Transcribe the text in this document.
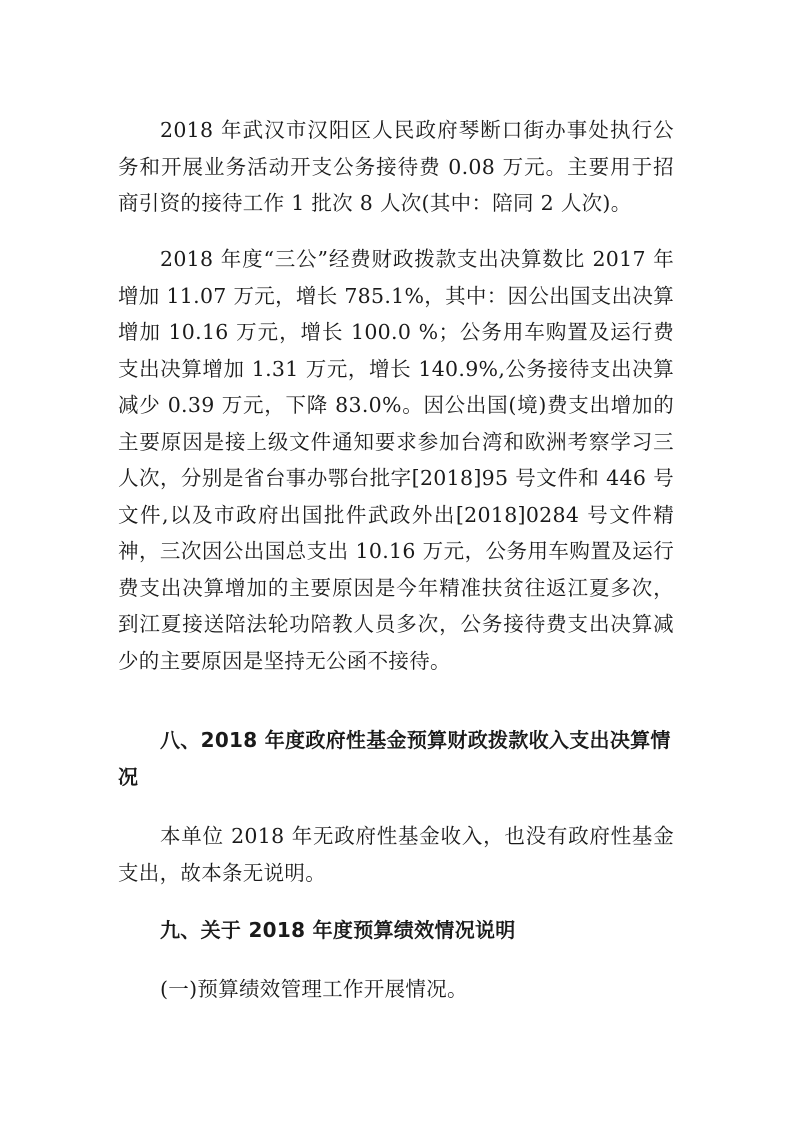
2018 年武汉市汉阳区人民政府琴断口街办事处执行公务和开展业务活动开支公务接待费 0.08 万元。主要用于招商引资的接待工作 1 批次 8 人次(其中：陪同 2 人次)。

2018 年度“三公”经费财政拨款支出决算数比 2017 年增加 11.07 万元，增长 785.1%，其中：因公出国支出决算增加 10.16 万元，增长 100.0 %；公务用车购置及运行费支出决算增加 1.31 万元，增长 140.9%,公务接待支出决算减少 0.39 万元，下降 83.0%。因公出国(境)费支出增加的主要原因是接上级文件通知要求参加台湾和欧洲考察学习三人次，分别是省台事办鄂台批字[2018]95 号文件和 446 号文件,以及市政府出国批件武政外出[2018]0284 号文件精神，三次因公出国总支出 10.16 万元，公务用车购置及运行费支出决算增加的主要原因是今年精准扶贫往返江夏多次，到江夏接送陪法轮功陪教人员多次，公务接待费支出决算减少的主要原因是坚持无公函不接待。

八、2018 年度政府性基金预算财政拨款收入支出决算情况

本单位 2018 年无政府性基金收入，也没有政府性基金支出，故本条无说明。

九、关于 2018 年度预算绩效情况说明

(一)预算绩效管理工作开展情况。
